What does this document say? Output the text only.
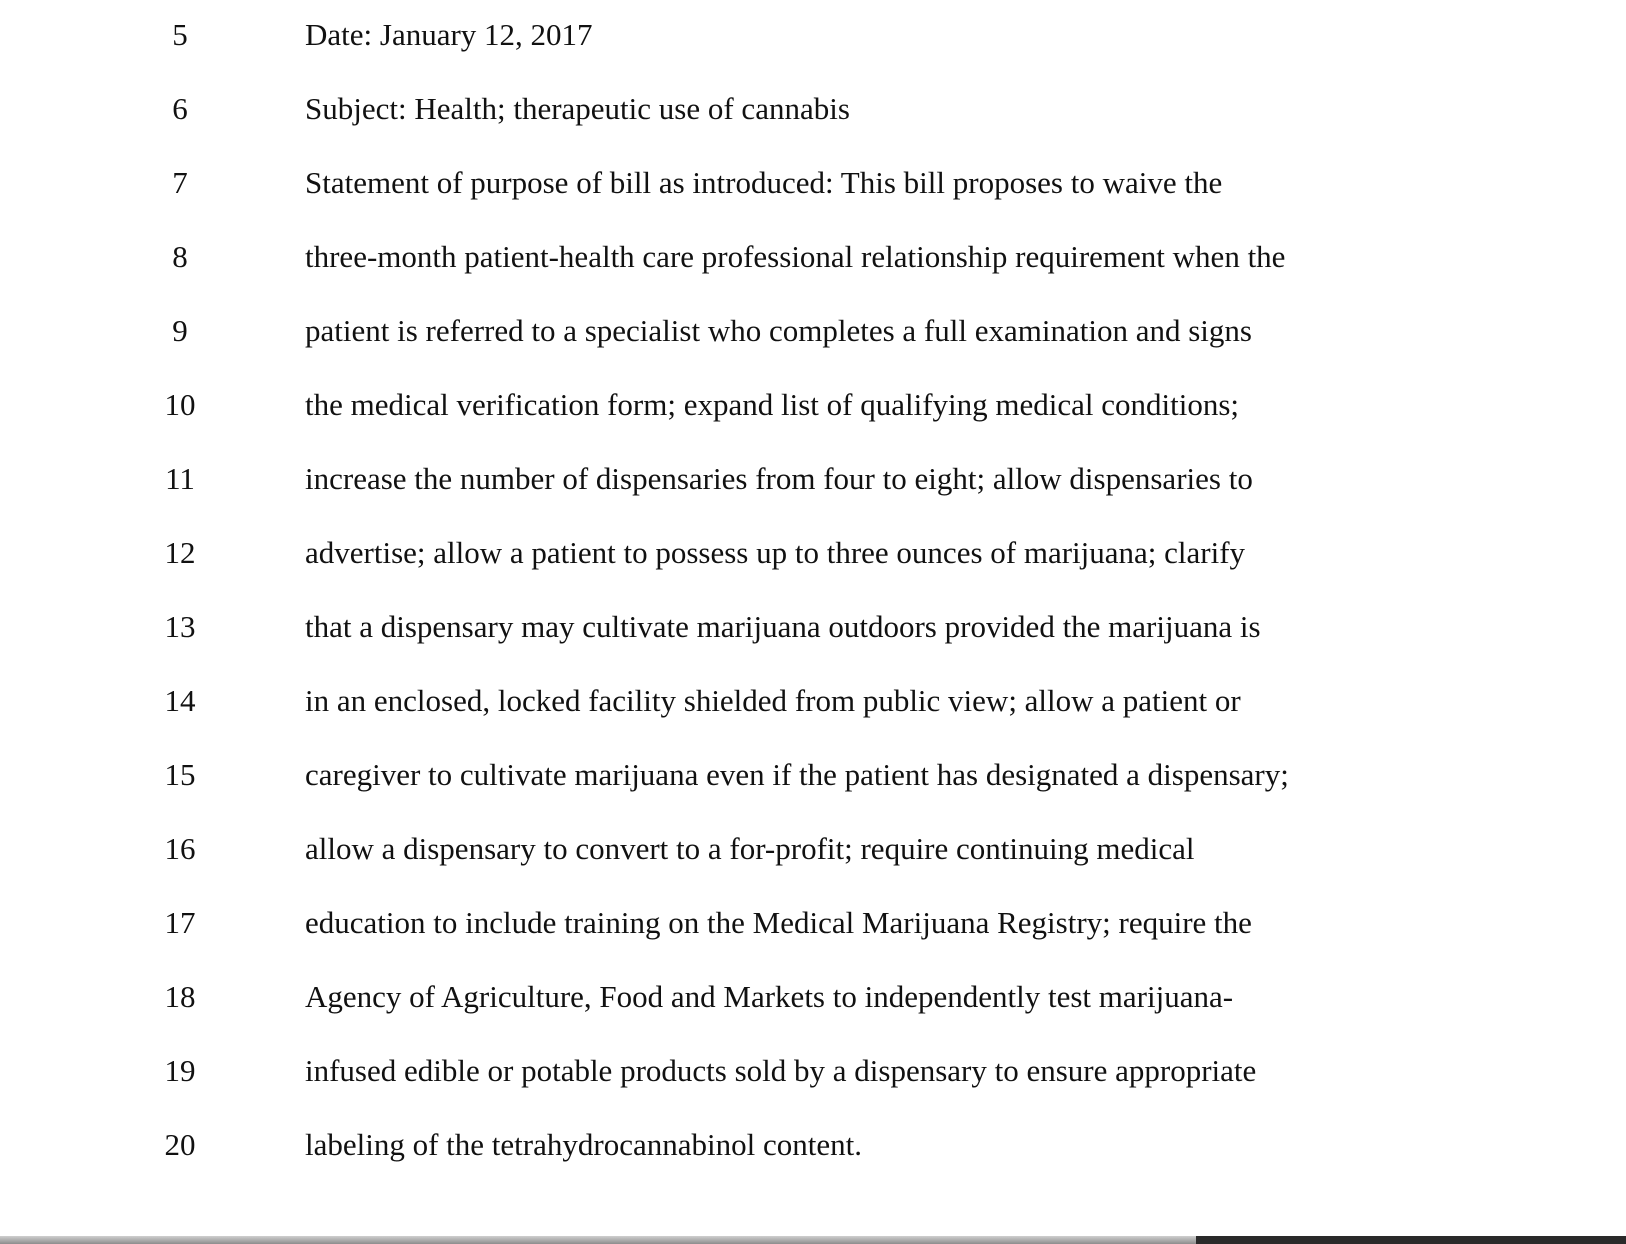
5	Date: January 12, 2017
6	Subject: Health; therapeutic use of cannabis
7	Statement of purpose of bill as introduced: This bill proposes to waive the
8	three-month patient-health care professional relationship requirement when the
9	patient is referred to a specialist who completes a full examination and signs
10	the medical verification form; expand list of qualifying medical conditions;
11	increase the number of dispensaries from four to eight; allow dispensaries to
12	advertise; allow a patient to possess up to three ounces of marijuana; clarify
13	that a dispensary may cultivate marijuana outdoors provided the marijuana is
14	in an enclosed, locked facility shielded from public view; allow a patient or
15	caregiver to cultivate marijuana even if the patient has designated a dispensary;
16	allow a dispensary to convert to a for-profit; require continuing medical
17	education to include training on the Medical Marijuana Registry; require the
18	Agency of Agriculture, Food and Markets to independently test marijuana-
19	infused edible or potable products sold by a dispensary to ensure appropriate
20	labeling of the tetrahydrocannabinol content.
